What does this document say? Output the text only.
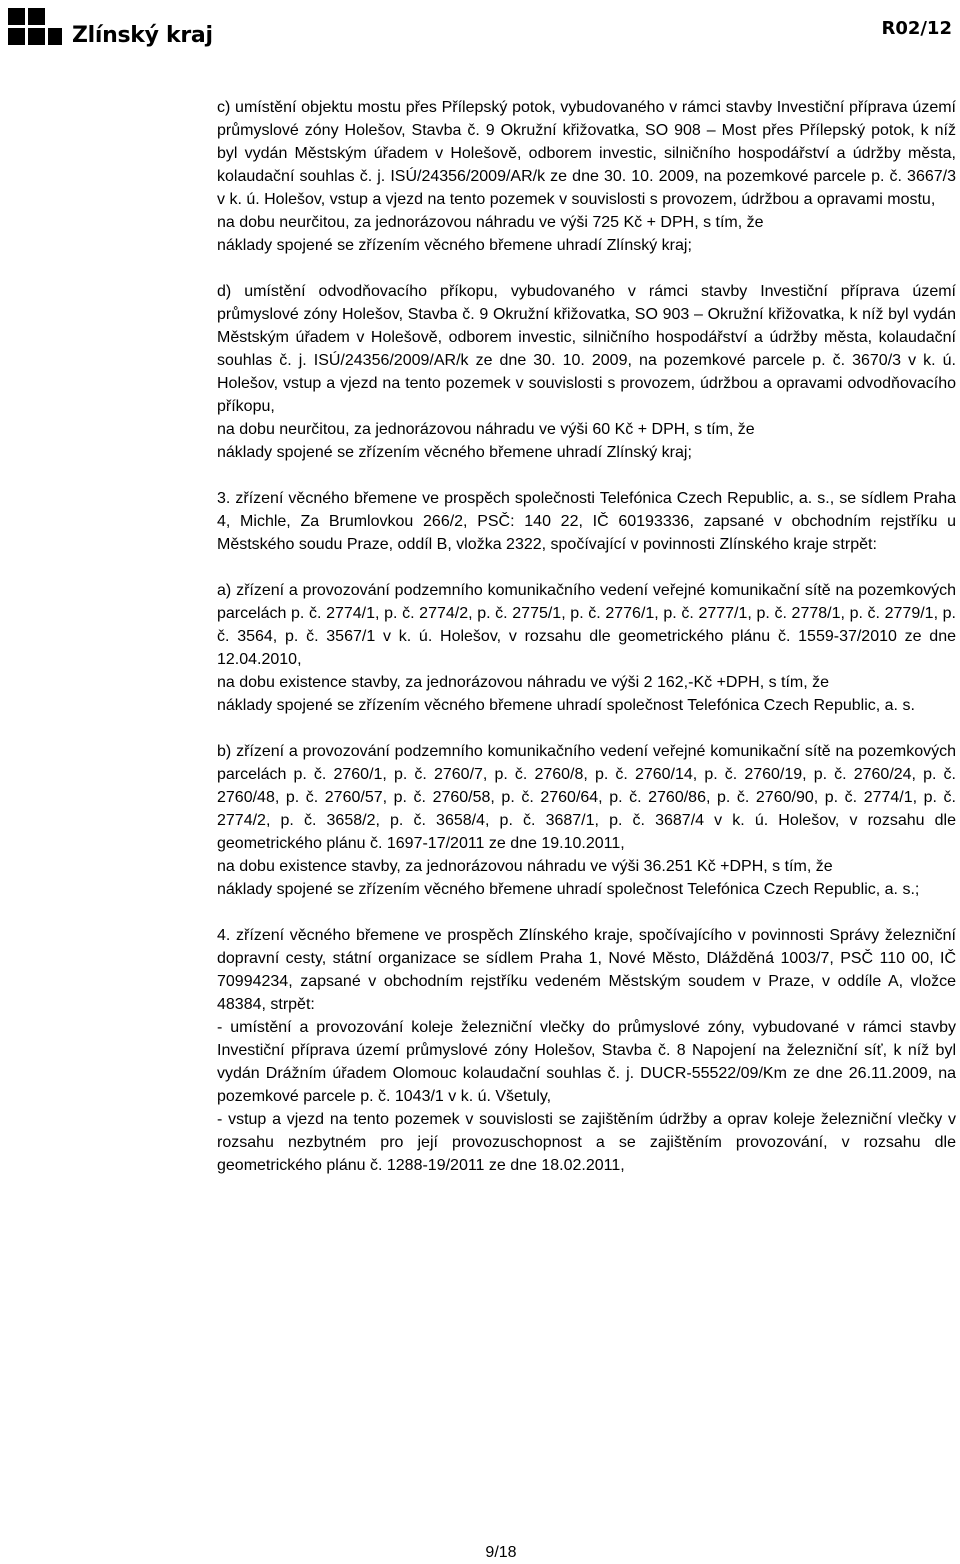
Zlínský kraj	R02/12

c) umístění objektu mostu přes Přílepský potok, vybudovaného v rámci stavby Investiční příprava území průmyslové zóny Holešov, Stavba č. 9 Okružní křižovatka, SO 908 – Most přes Přílepský potok, k níž byl vydán Městským úřadem v Holešově, odborem investic, silničního hospodářství a údržby města, kolaudační souhlas č. j. ISÚ/24356/2009/AR/k ze dne 30. 10. 2009, na pozemkové parcele p. č. 3667/3 v k. ú. Holešov, vstup a vjezd na tento pozemek v souvislosti s provozem, údržbou a opravami mostu,

na dobu neurčitou, za jednorázovou náhradu ve výši 725 Kč + DPH, s tím, že

náklady spojené se zřízením věcného břemene uhradí Zlínský kraj;

d) umístění odvodňovacího příkopu, vybudovaného v rámci stavby Investiční příprava území průmyslové zóny Holešov, Stavba č. 9 Okružní křižovatka, SO 903 – Okružní křižovatka, k níž byl vydán Městským úřadem v Holešově, odborem investic, silničního hospodářství a údržby města, kolaudační souhlas č. j. ISÚ/24356/2009/AR/k ze dne 30. 10. 2009, na pozemkové parcele p. č. 3670/3 v k. ú. Holešov, vstup a vjezd na tento pozemek v souvislosti s provozem, údržbou a opravami odvodňovacího příkopu,

na dobu neurčitou, za jednorázovou náhradu ve výši 60 Kč + DPH, s tím, že

náklady spojené se zřízením věcného břemene uhradí Zlínský kraj;

3. zřízení věcného břemene ve prospěch společnosti Telefónica Czech Republic, a. s., se sídlem Praha 4, Michle, Za Brumlovkou 266/2, PSČ: 140 22, IČ 60193336, zapsané v obchodním rejstříku u Městského soudu Praze, oddíl B, vložka 2322, spočívající v povinnosti Zlínského kraje strpět:

a) zřízení a provozování podzemního komunikačního vedení veřejné komunikační sítě na pozemkových parcelách p. č. 2774/1, p. č. 2774/2, p. č. 2775/1, p. č. 2776/1, p. č. 2777/1, p. č. 2778/1, p. č. 2779/1, p. č. 3564, p. č. 3567/1 v k. ú. Holešov, v rozsahu dle geometrického plánu č. 1559-37/2010 ze dne 12.04.2010,

na dobu existence stavby, za jednorázovou náhradu ve výši 2 162,-Kč +DPH, s tím, že

náklady spojené se zřízením věcného břemene uhradí společnost Telefónica Czech Republic, a. s.

b) zřízení a provozování podzemního komunikačního vedení veřejné komunikační sítě na pozemkových parcelách p. č. 2760/1, p. č. 2760/7, p. č. 2760/8, p. č. 2760/14, p. č. 2760/19, p. č. 2760/24, p. č. 2760/48, p. č. 2760/57, p. č. 2760/58, p. č. 2760/64, p. č. 2760/86, p. č. 2760/90, p. č. 2774/1, p. č. 2774/2, p. č. 3658/2, p. č. 3658/4, p. č. 3687/1, p. č. 3687/4 v k. ú. Holešov, v rozsahu dle geometrického plánu č. 1697-17/2011 ze dne 19.10.2011,

na dobu existence stavby, za jednorázovou náhradu ve výši 36.251 Kč +DPH, s tím, že

náklady spojené se zřízením věcného břemene uhradí společnost Telefónica Czech Republic, a. s.;

4. zřízení věcného břemene ve prospěch Zlínského kraje, spočívajícího v povinnosti Správy železniční dopravní cesty, státní organizace se sídlem Praha 1, Nové Město, Dlážděná 1003/7, PSČ 110 00, IČ 70994234, zapsané v obchodním rejstříku vedeném Městským soudem v Praze, v oddíle A, vložce 48384, strpět:

- umístění a provozování koleje železniční vlečky do průmyslové zóny, vybudované v rámci stavby Investiční příprava území průmyslové zóny Holešov, Stavba č. 8 Napojení na železniční síť, k níž byl vydán Drážním úřadem Olomouc kolaudační souhlas č. j. DUCR-55522/09/Km ze dne 26.11.2009, na pozemkové parcele p. č. 1043/1 v k. ú. Všetuly,

- vstup a vjezd na tento pozemek v souvislosti se zajištěním údržby a oprav koleje železniční vlečky v rozsahu nezbytném pro její provozuschopnost a se zajištěním provozování, v rozsahu dle geometrického plánu č. 1288-19/2011 ze dne 18.02.2011,

9/18
